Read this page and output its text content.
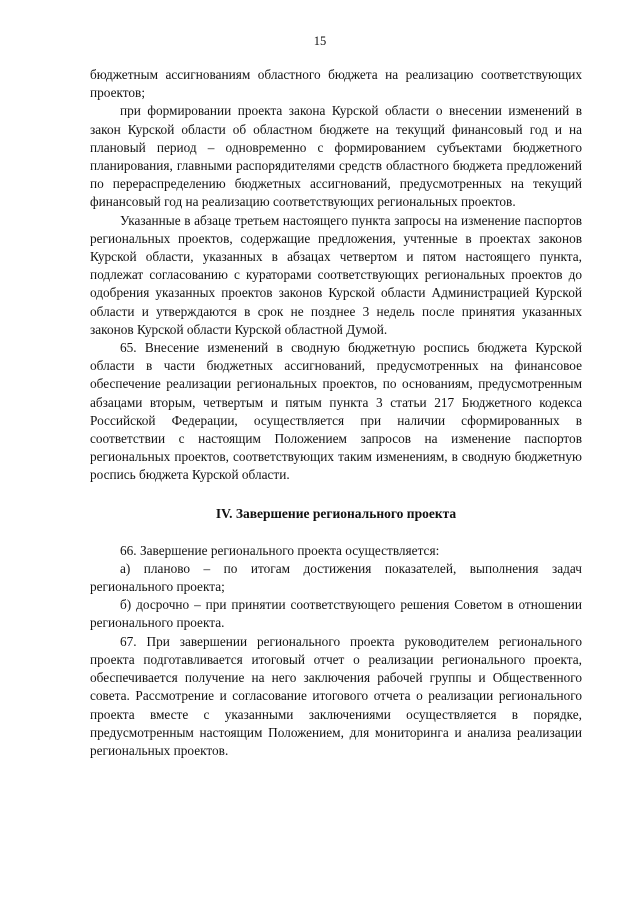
15

бюджетным ассигнованиям областного бюджета на реализацию соответствующих проектов;

при формировании проекта закона Курской области о внесении изменений в закон Курской области об областном бюджете на текущий финансовый год и на плановый период – одновременно с формированием субъектами бюджетного планирования, главными распорядителями средств областного бюджета предложений по перераспределению бюджетных ассигнований, предусмотренных на текущий финансовый год на реализацию соответствующих региональных проектов.

Указанные в абзаце третьем настоящего пункта запросы на изменение паспортов региональных проектов, содержащие предложения, учтенные в проектах законов Курской области, указанных в абзацах четвертом и пятом настоящего пункта, подлежат согласованию с кураторами соответствующих региональных проектов до одобрения указанных проектов законов Курской области Администрацией Курской области и утверждаются в срок не позднее 3 недель после принятия указанных законов Курской области Курской областной Думой.

65. Внесение изменений в сводную бюджетную роспись бюджета Курской области в части бюджетных ассигнований, предусмотренных на финансовое обеспечение реализации региональных проектов, по основаниям, предусмотренным абзацами вторым, четвертым и пятым пункта 3 статьи 217 Бюджетного кодекса Российской Федерации, осуществляется при наличии сформированных в соответствии с настоящим Положением запросов на изменение паспортов региональных проектов, соответствующих таким изменениям, в сводную бюджетную роспись бюджета Курской области.

IV. Завершение регионального проекта

66. Завершение регионального проекта осуществляется:

а) планово – по итогам достижения показателей, выполнения задач регионального проекта;

б) досрочно – при принятии соответствующего решения Советом в отношении регионального проекта.

67. При завершении регионального проекта руководителем регионального проекта подготавливается итоговый отчет о реализации регионального проекта, обеспечивается получение на него заключения рабочей группы и Общественного совета. Рассмотрение и согласование итогового отчета о реализации регионального проекта вместе с указанными заключениями осуществляется в порядке, предусмотренным настоящим Положением, для мониторинга и анализа реализации региональных проектов.
